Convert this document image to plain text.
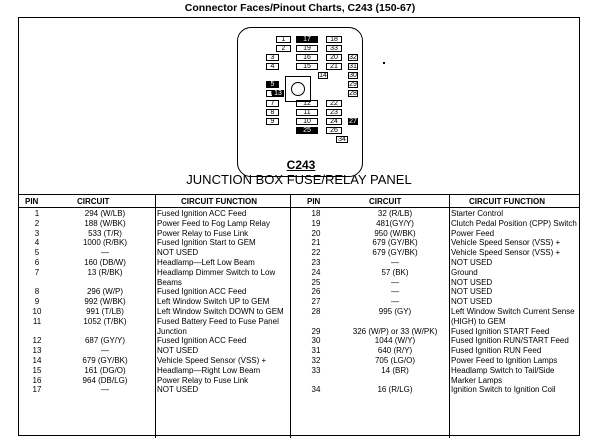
Connector Faces/Pinout Charts, C243 (150-67)
1	17	18
2	19	33
3	16	20	32
4	15	21	31
14	30
5	29
13	28
7	12	22
8	11	23
9	10	24	27
25	26
34
C243
JUNCTION BOX FUSE/RELAY PANEL
PIN	CIRCUIT	CIRCUIT FUNCTION
1	294 (W/LB)	Fused Ignition ACC Feed
2	188 (W/BK)	Power Feed to Fog Lamp Relay
3	533 (T/R)	Power Relay to Fuse Link
4	1000 (R/BK)	Fused Ignition Start to GEM
5	—	NOT USED
6	160 (DB/W)	Headlamp—Left Low Beam
7	13 (R/BK)	Headlamp Dimmer Switch to Low Beams
8	296 (W/P)	Fused Ignition ACC Feed
9	992 (W/BK)	Left Window Switch UP to GEM
10	991 (T/LB)	Left Window Switch DOWN to GEM
11	1052 (T/BK)	Fused Battery Feed to Fuse Panel Junction
12	687 (GY/Y)	Fused Ignition ACC Feed
13	—	NOT USED
14	679 (GY/BK)	Vehicle Speed Sensor (VSS) +
15	161 (DG/O)	Headlamp—Right Low Beam
16	964 (DB/LG)	Power Relay to Fuse Link
17	—	NOT USED
PIN	CIRCUIT	CIRCUIT FUNCTION
18	32 (R/LB)	Starter Control
19	481(GY/Y)	Clutch Pedal Position (CPP) Switch
20	950 (W/BK)	Power Feed
21	679 (GY/BK)	Vehicle Speed Sensor (VSS) +
22	679 (GY/BK)	Vehicle Speed Sensor (VSS) +
23	—	NOT USED
24	57 (BK)	Ground
25	—	NOT USED
26	—	NOT USED
27	—	NOT USED
28	995 (GY)	Left Window Switch Current Sense (HIGH) to GEM
29	326 (W/P) or 33 (W/PK)	Fused Ignition START Feed
30	1044 (W/Y)	Fused Ignition RUN/START Feed
31	640 (R/Y)	Fused Ignition RUN Feed
32	705 (LG/O)	Power Feed to Ignition Lamps
33	14 (BR)	Headlamp Switch to Tail/Side Marker Lamps
34	16 (R/LG)	Ignition Switch to Ignition Coil
